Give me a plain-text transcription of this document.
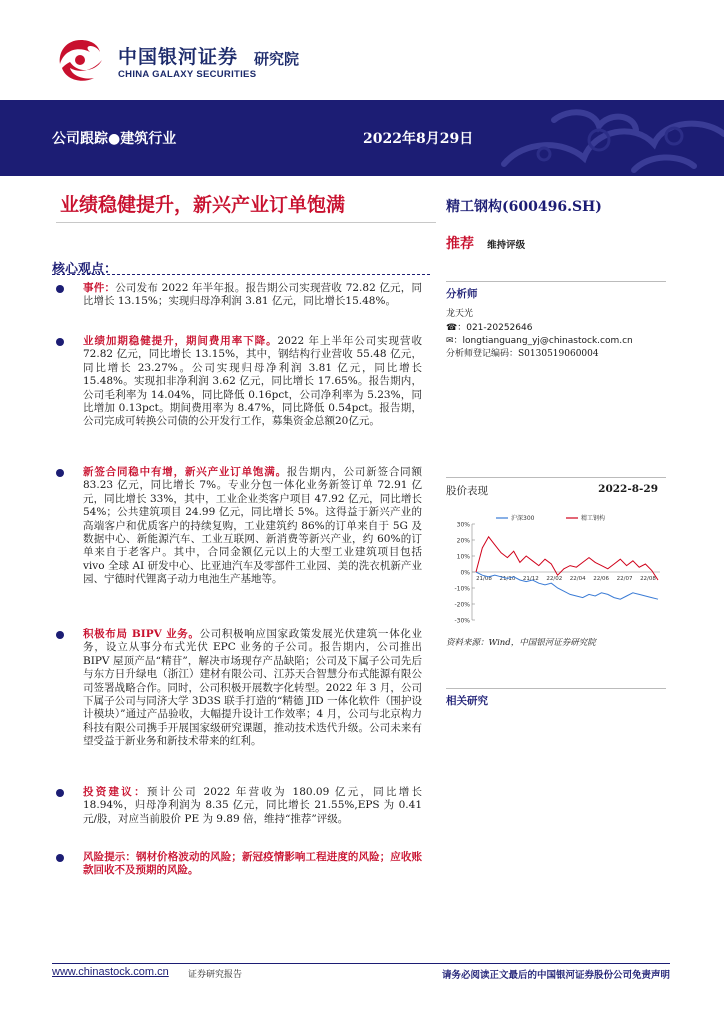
中国银河证券 研究院
CHINA GALAXY SECURITIES
公司跟踪●建筑行业	2022年8月29日
业绩稳健提升，新兴产业订单饱满	精工钢构(600496.SH)
推荐 维持评级
核心观点：
事件：公司发布 2022 年半年报。报告期公司实现营收 72.82 亿元，同比增长 13.15%；实现归母净利润 3.81 亿元，同比增长15.48%。
业绩加期稳健提升，期间费用率下降。2022 年上半年公司实现营收 72.82 亿元，同比增长 13.15%，其中，钢结构行业营收 55.48 亿元，同比增长 23.27%。公司实现归母净利润 3.81 亿元，同比增长 15.48%。实现扣非净利润 3.62 亿元，同比增长 17.65%。报告期内，公司毛利率为 14.04%，同比降低 0.16pct，公司净利率为 5.23%，同比增加 0.13pct。期间费用率为 8.47%，同比降低 0.54pct。报告期，公司完成可转换公司债的公开发行工作，募集资金总额20亿元。
新签合同稳中有增，新兴产业订单饱满。报告期内，公司新签合同额 83.23 亿元，同比增长 7%。专业分包一体化业务新签订单 72.91 亿元，同比增长 33%，其中，工业企业类客户项目 47.92 亿元，同比增长 54%；公共建筑项目 24.99 亿元，同比增长 5%。这得益于新兴产业的高端客户和优质客户的持续复购，工业建筑约 86%的订单来自于 5G 及数据中心、新能源汽车、工业互联网、新消费等新兴产业，约 60%的订单来自于老客户。其中，合同金额亿元以上的大型工业建筑项目包括 vivo 全球 AI 研发中心、比亚迪汽车及零部件工业园、美的洗衣机新产业园、宁德时代锂离子动力电池生产基地等。
积极布局 BIPV 业务。公司积极响应国家政策发展光伏建筑一体化业务，设立从事分布式光伏 EPC 业务的子公司。报告期内，公司推出 BIPV 屋顶产品“精苷”，解决市场现存产品缺陷；公司及下属子公司先后与东方日升绿电（浙江）建材有限公司、江苏天合智慧分布式能源有限公司签署战略合作。同时，公司积极开展数字化转型。2022 年 3 月，公司下属子公司与同济大学 3D3S 联手打造的“精德 JID 一体化软件（围护设计模块）”通过产品验收，大幅提升设计工作效率；4 月，公司与北京构力科技有限公司携手开展国家级研究课题，推动技术迭代升级。公司未来有望受益于新业务和新技术带来的红利。
投资建议：预计公司 2022 年营收为 180.09 亿元，同比增长 18.94%，归母净利润为 8.35 亿元，同比增长 21.55%,EPS 为 0.41 元/股，对应当前股价 PE 为 9.89 倍，维持“推荐”评级。
风险提示：钢材价格波动的风险；新冠疫情影响工程进度的风险；应收账款回收不及预期的风险。
分析师
龙天光
☎：021-20252646
✉：longtianguang_yj@chinastock.com.cn
分析师登记编码：S0130519060004
股价表现	2022-8-29
30%
20%
10%
0%
-10%
-20%
-30%
21/08 21/10 21/12 22/02 22/04 22/06 22/07 22/08
沪深300	精工钢构
资料来源：Wind，中国银河证券研究院
相关研究
www.chinastock.com.cn 证券研究报告	请务必阅读正文最后的中国银河证券股份公司免责声明
